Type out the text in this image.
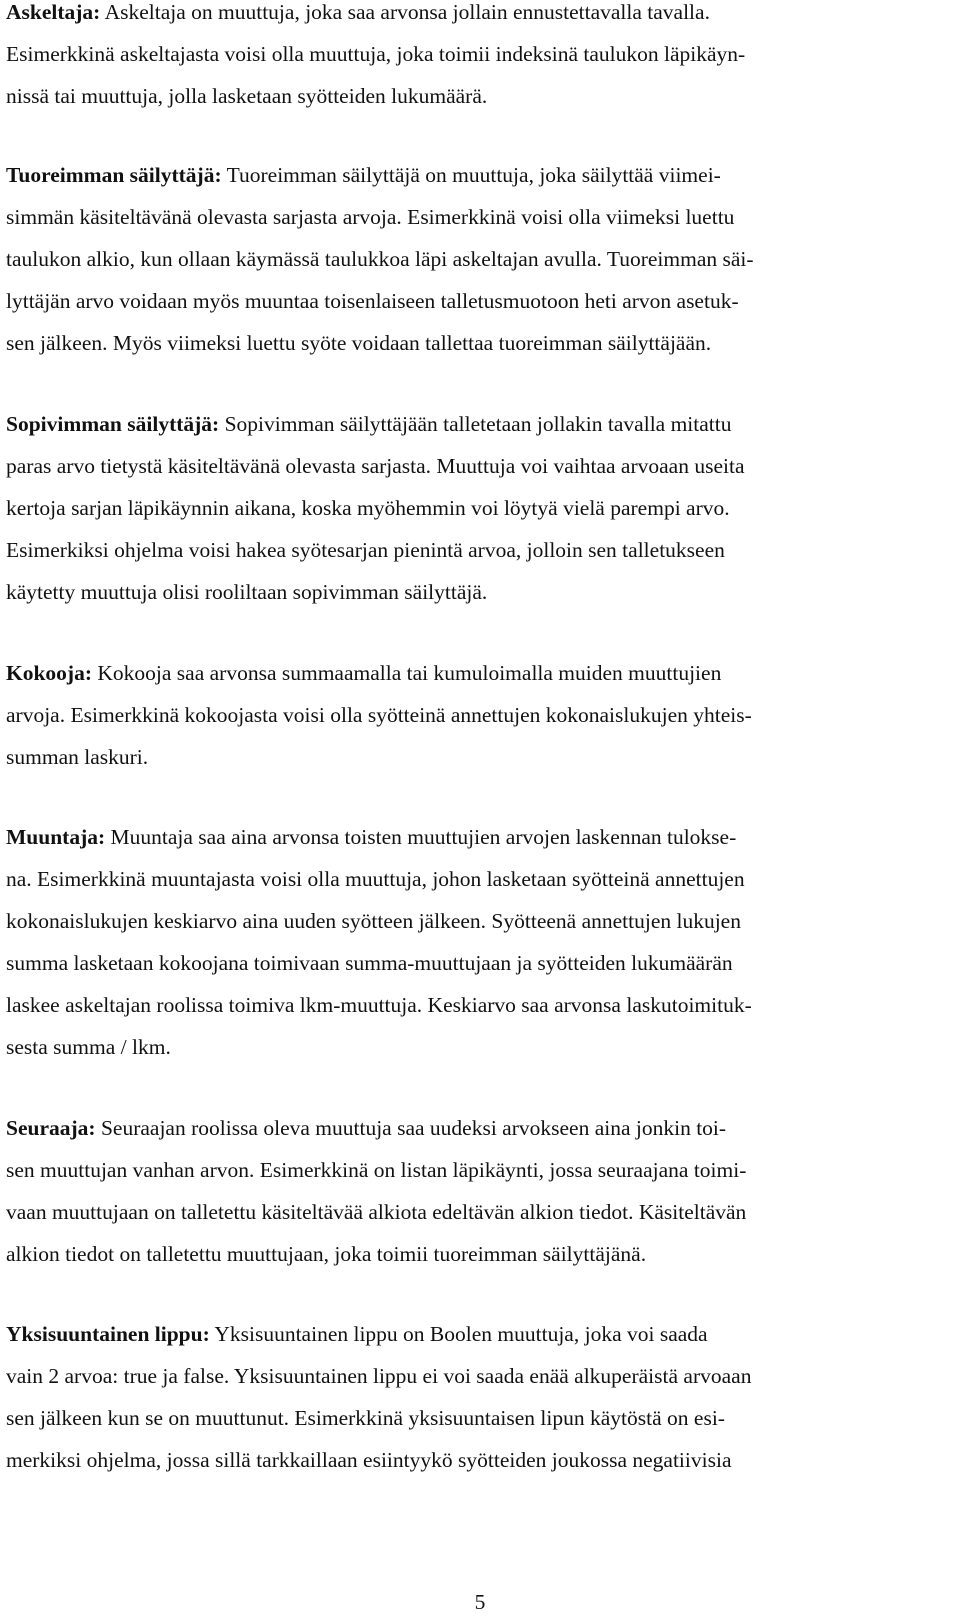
Askeltaja: Askeltaja on muuttuja, joka saa arvonsa jollain ennustettavalla tavalla.
Esimerkkinä askeltajasta voisi olla muuttuja, joka toimii indeksinä taulukon läpikäyn-
nissä tai muuttuja, jolla lasketaan syötteiden lukumäärä.
Tuoreimman säilyttäjä: Tuoreimman säilyttäjä on muuttuja, joka säilyttää viimei-
simmän käsiteltävänä olevasta sarjasta arvoja. Esimerkkinä voisi olla viimeksi luettu
taulukon alkio, kun ollaan käymässä taulukkoa läpi askeltajan avulla. Tuoreimman säi-
lyttäjän arvo voidaan myös muuntaa toisenlaiseen talletusmuotoon heti arvon asetuk-
sen jälkeen. Myös viimeksi luettu syöte voidaan tallettaa tuoreimman säilyttäjään.
Sopivimman säilyttäjä: Sopivimman säilyttäjään talletetaan jollakin tavalla mitattu
paras arvo tietystä käsiteltävänä olevasta sarjasta. Muuttuja voi vaihtaa arvoaan useita
kertoja sarjan läpikäynnin aikana, koska myöhemmin voi löytyä vielä parempi arvo.
Esimerkiksi ohjelma voisi hakea syötesarjan pienintä arvoa, jolloin sen talletukseen
käytetty muuttuja olisi rooliltaan sopivimman säilyttäjä.
Kokooja: Kokooja saa arvonsa summaamalla tai kumuloimalla muiden muuttujien
arvoja. Esimerkkinä kokoojasta voisi olla syötteinä annettujen kokonaislukujen yhteis-
summan laskuri.
Muuntaja: Muuntaja saa aina arvonsa toisten muuttujien arvojen laskennan tulokse-
na. Esimerkkinä muuntajasta voisi olla muuttuja, johon lasketaan syötteinä annettujen
kokonaislukujen keskiarvo aina uuden syötteen jälkeen. Syötteenä annettujen lukujen
summa lasketaan kokoojana toimivaan summa-muuttujaan ja syötteiden lukumäärän
laskee askeltajan roolissa toimiva lkm-muuttuja. Keskiarvo saa arvonsa laskutoimituk-
sesta summa / lkm.
Seuraaja: Seuraajan roolissa oleva muuttuja saa uudeksi arvokseen aina jonkin toi-
sen muuttujan vanhan arvon. Esimerkkinä on listan läpikäynti, jossa seuraajana toimi-
vaan muuttujaan on talletettu käsiteltävää alkiota edeltävän alkion tiedot. Käsiteltävän
alkion tiedot on talletettu muuttujaan, joka toimii tuoreimman säilyttäjänä.
Yksisuuntainen lippu: Yksisuuntainen lippu on Boolen muuttuja, joka voi saada
vain 2 arvoa: true ja false. Yksisuuntainen lippu ei voi saada enää alkuperäistä arvoaan
sen jälkeen kun se on muuttunut. Esimerkkinä yksisuuntaisen lipun käytöstä on esi-
merkiksi ohjelma, jossa sillä tarkkaillaan esiintyykö syötteiden joukossa negatiivisia
5
